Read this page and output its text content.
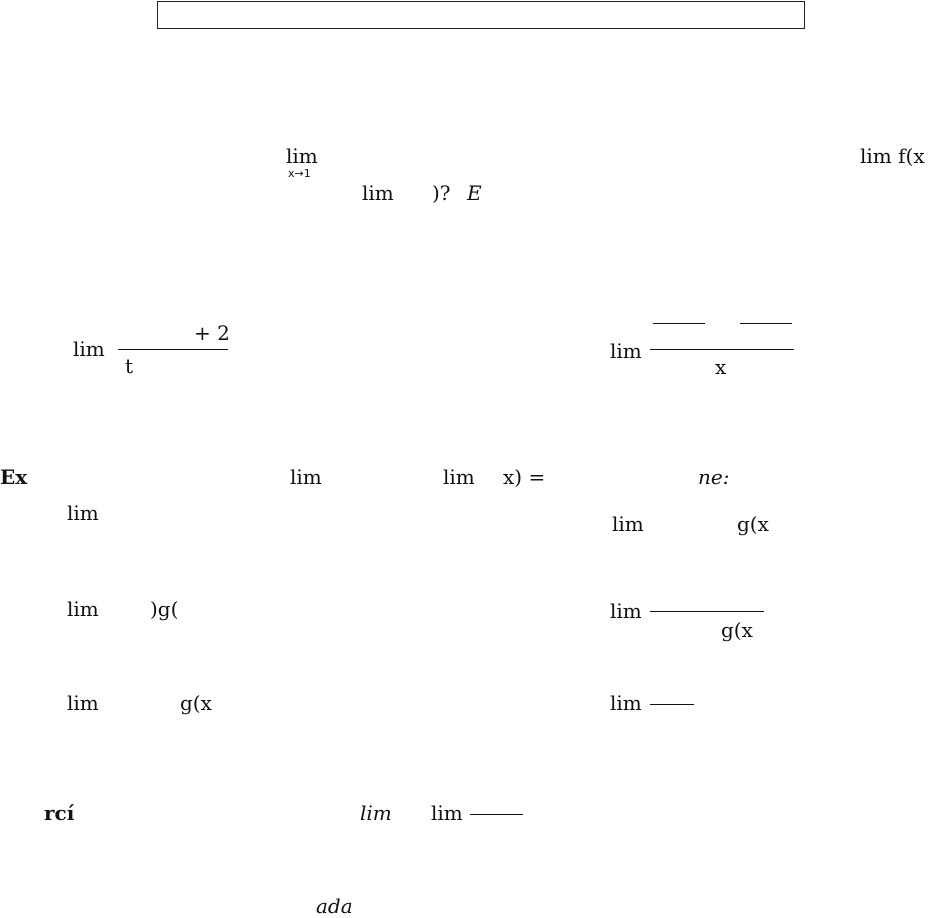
lim
x→1
lim f(x
lim )? E
lim
+ 2
t
lim
x
Ex	lim	lim x) =	ne:
lim
lim	)g(
lim	g(x
lim	g(x
lim
g(x
lim
rcí	lim lim
ada
